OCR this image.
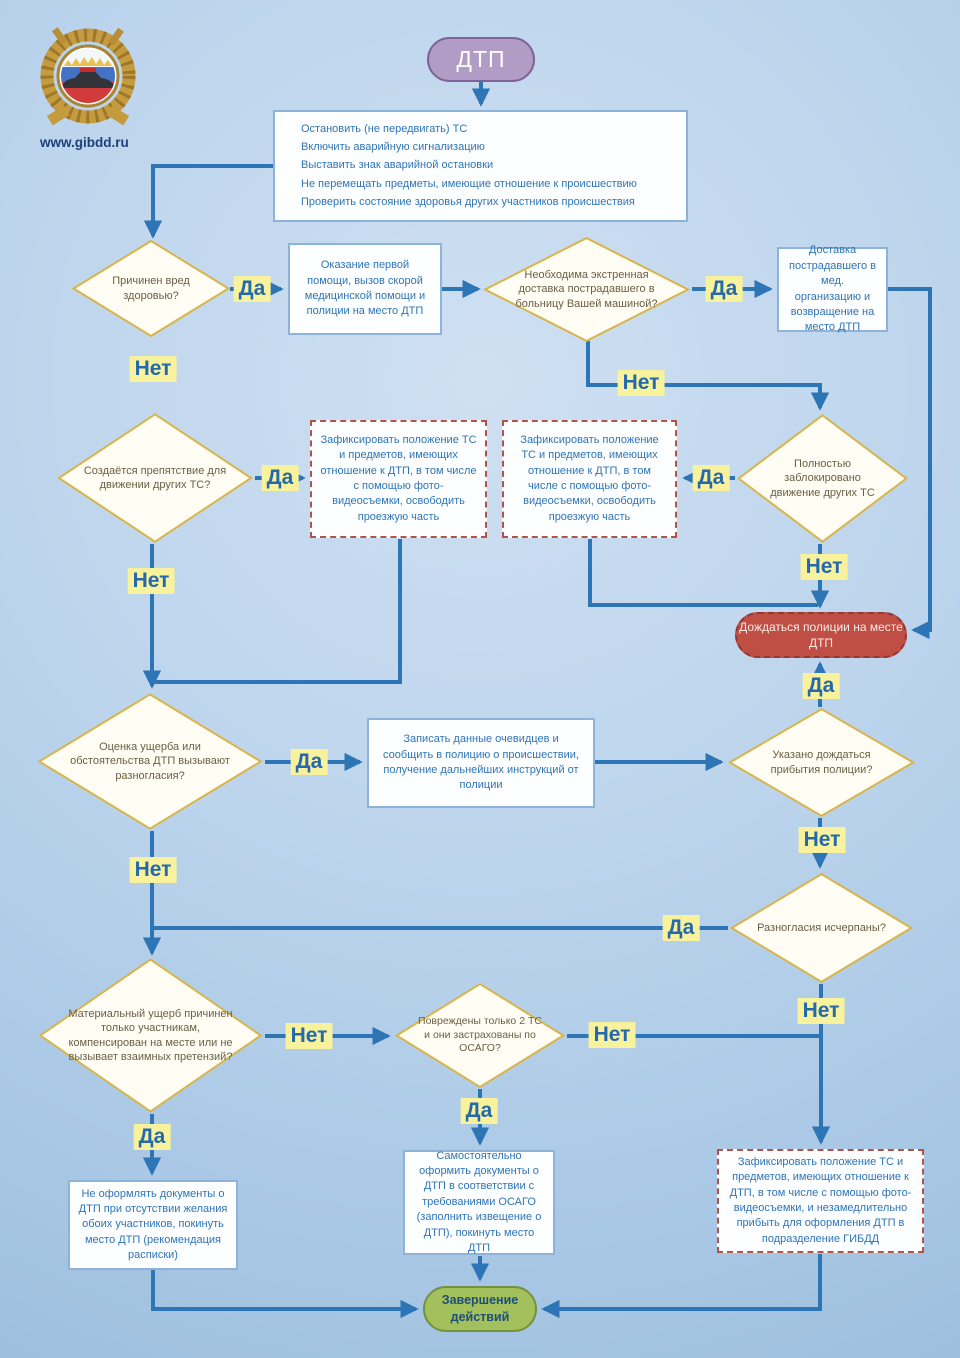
www.gibdd.ru
ДТП
Остановить (не передвигать) ТС
Включить аварийную сигнализацию
Выставить знак аварийной остановки
Не перемещать предметы, имеющие отношение к происшествию
Проверить состояние здоровья других участников происшествия
Причинен вред здоровью?
Оказание первой помощи, вызов скорой медицинской помощи и полиции на место ДТП
Необходима экстренная доставка пострадавшего в больницу Вашей машиной?
Доставка пострадавшего в мед. организацию и возвращение на место ДТП
Создаётся препятствие для движении других ТС?
Зафиксировать положение ТС и предметов, имеющих отношение к ДТП, в том числе с помощью фото-видеосъемки, освободить проезжую часть
Зафиксировать положение ТС и предметов, имеющих отношение к ДТП, в том числе с помощью фото-видеосъемки, освободить проезжую часть
Полностью заблокировано движение других ТС
Дождаться полиции на месте ДТП
Оценка ущерба или обстоятельства ДТП вызывают разногласия?
Записать данные очевидцев и сообщить в полицию о происшествии, получение дальнейших инструкций от полиции
Указано дождаться прибытия полиции?
Разногласия исчерпаны?
Материальный ущерб причинен только участникам, компенсирован на месте или не вызывает взаимных претензий?
Повреждены только 2 ТС и они застрахованы по ОСАГО?
Не оформлять документы о ДТП при отсутствии желания обоих участников, покинуть место ДТП (рекомендация расписки)
Самостоятельно оформить документы о ДТП в соответствии с требованиями ОСАГО (заполнить извещение о ДТП), покинуть место ДТП
Зафиксировать положение ТС и предметов, имеющих отношение к ДТП, в том числе с помощью фото-видеосъемки, и незамедлительно прибыть для оформления ДТП в подразделение ГИБДД
Завершение действий
Да
Нет
Да
Нет
Да
Нет
Да
Нет
Да
Нет
Да
Нет
Да
Нет
Да
Нет
Да
Нет
